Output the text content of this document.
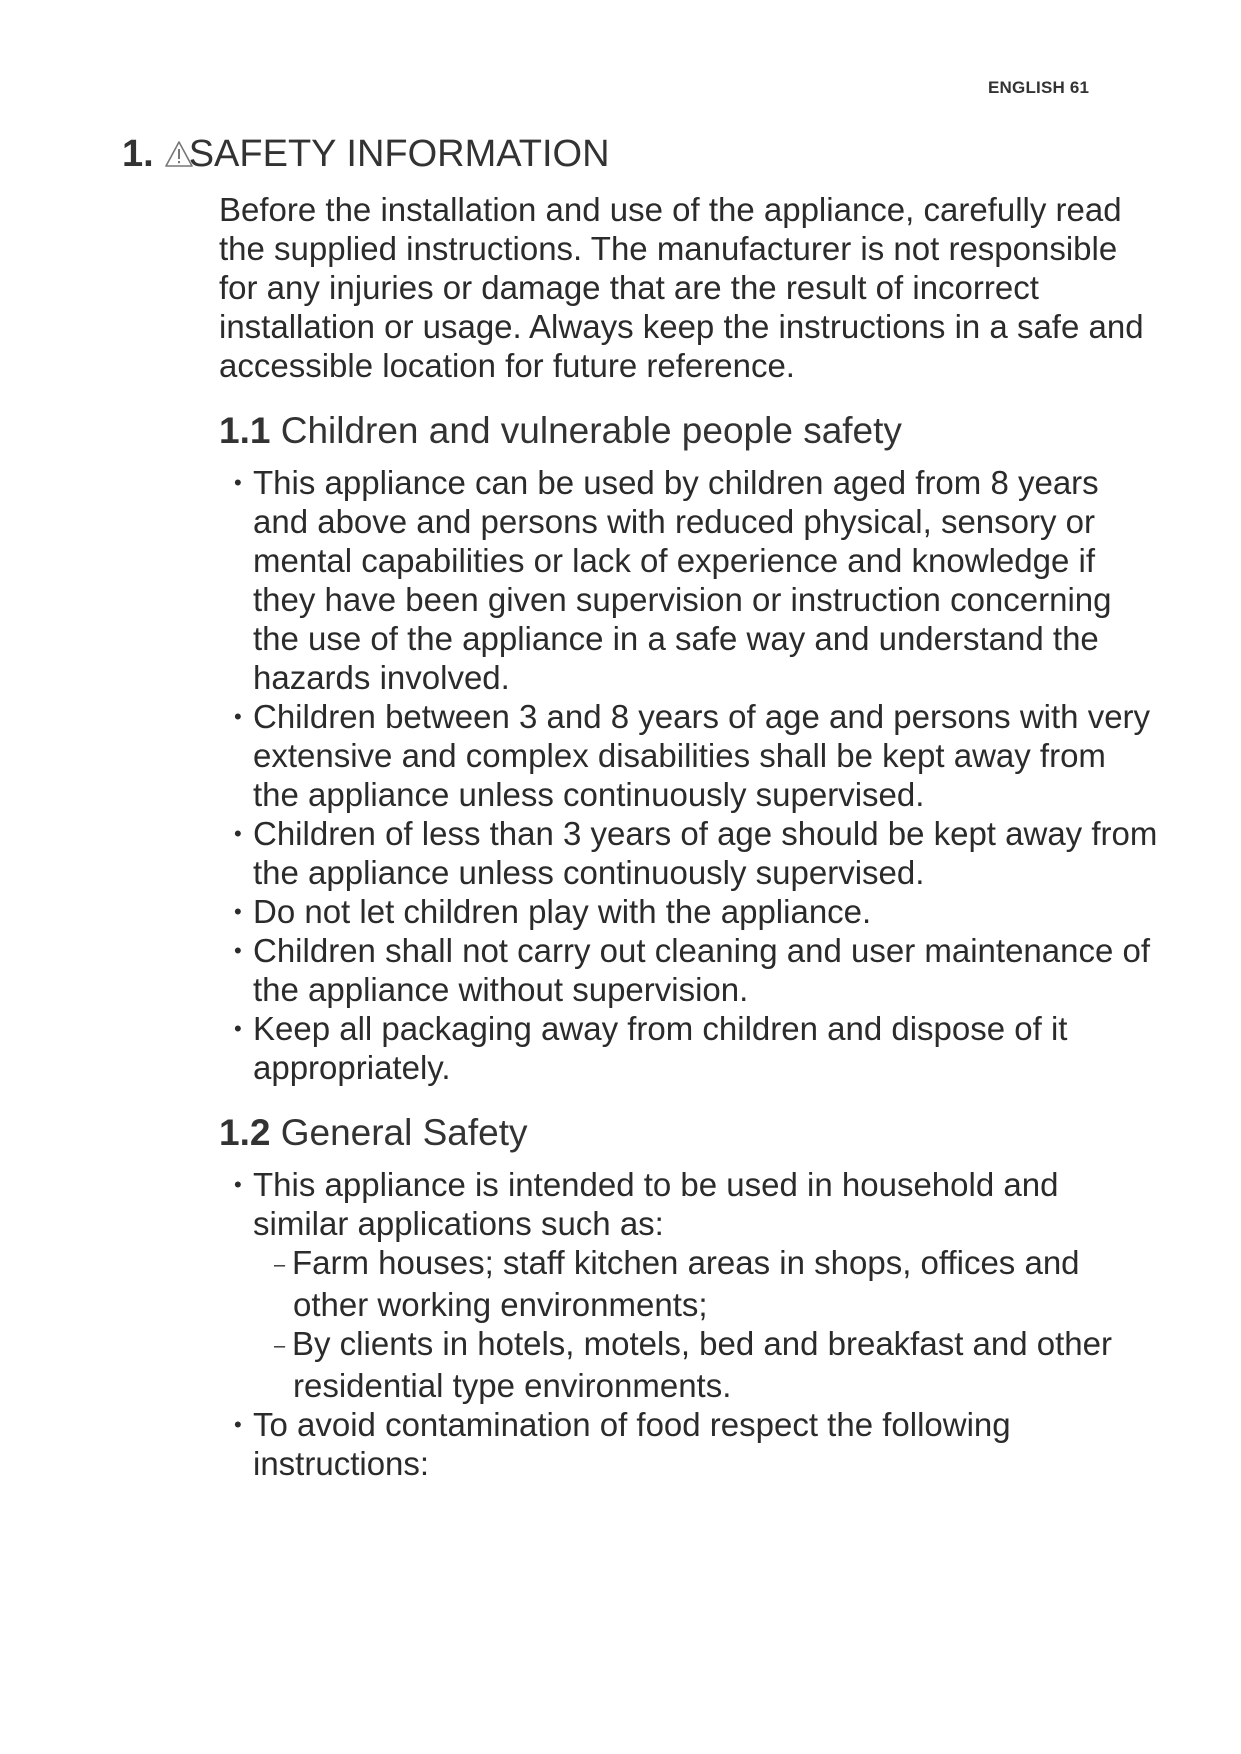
ENGLISH 61
1. SAFETY INFORMATION

Before the installation and use of the appliance, carefully read the supplied instructions. The manufacturer is not responsible for any injuries or damage that are the result of incorrect installation or usage. Always keep the instructions in a safe and accessible location for future reference.

1.1 Children and vulnerable people safety
• This appliance can be used by children aged from 8 years and above and persons with reduced physical, sensory or mental capabilities or lack of experience and knowledge if they have been given supervision or instruction concerning the use of the appliance in a safe way and understand the hazards involved.
• Children between 3 and 8 years of age and persons with very extensive and complex disabilities shall be kept away from the appliance unless continuously supervised.
• Children of less than 3 years of age should be kept away from the appliance unless continuously supervised.
• Do not let children play with the appliance.
• Children shall not carry out cleaning and user maintenance of the appliance without supervision.
• Keep all packaging away from children and dispose of it appropriately.
1.2 General Safety
• This appliance is intended to be used in household and similar applications such as:
– Farm houses; staff kitchen areas in shops, offices and other working environments;
– By clients in hotels, motels, bed and breakfast and other residential type environments.
• To avoid contamination of food respect the following instructions:
